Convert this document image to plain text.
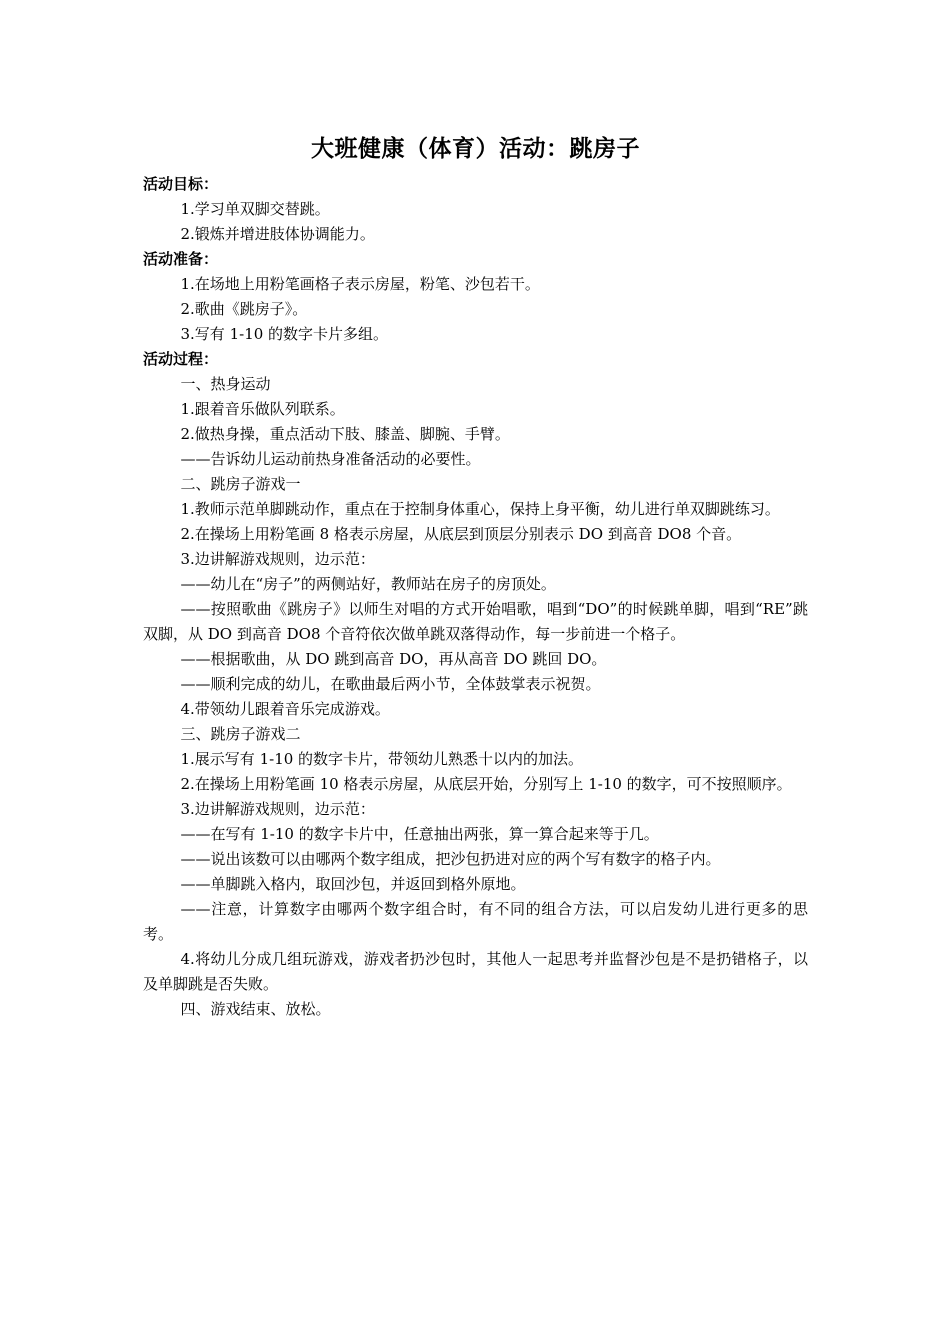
大班健康（体育）活动：跳房子

活动目标：

1.学习单双脚交替跳。

2.锻炼并增进肢体协调能力。

活动准备：

1.在场地上用粉笔画格子表示房屋，粉笔、沙包若干。

2.歌曲《跳房子》。

3.写有 1-10 的数字卡片多组。

活动过程：

一、热身运动

1.跟着音乐做队列联系。

2.做热身操，重点活动下肢、膝盖、脚腕、手臂。

——告诉幼儿运动前热身准备活动的必要性。

二、跳房子游戏一

1.教师示范单脚跳动作，重点在于控制身体重心，保持上身平衡，幼儿进行单双脚跳练习。

2.在操场上用粉笔画 8 格表示房屋，从底层到顶层分别表示 DO 到高音 DO8 个音。

3.边讲解游戏规则，边示范：

——幼儿在“房子”的两侧站好，教师站在房子的房顶处。

——按照歌曲《跳房子》以师生对唱的方式开始唱歌，唱到“DO”的时候跳单脚，唱到“RE”跳双脚，从 DO 到高音 DO8 个音符依次做单跳双落得动作，每一步前进一个格子。

——根据歌曲，从 DO 跳到高音 DO，再从高音 DO 跳回 DO。

——顺利完成的幼儿，在歌曲最后两小节，全体鼓掌表示祝贺。

4.带领幼儿跟着音乐完成游戏。

三、跳房子游戏二

1.展示写有 1-10 的数字卡片，带领幼儿熟悉十以内的加法。

2.在操场上用粉笔画 10 格表示房屋，从底层开始，分别写上 1-10 的数字，可不按照顺序。

3.边讲解游戏规则，边示范：

——在写有 1-10 的数字卡片中，任意抽出两张，算一算合起来等于几。

——说出该数可以由哪两个数字组成，把沙包扔进对应的两个写有数字的格子内。

——单脚跳入格内，取回沙包，并返回到格外原地。

——注意，计算数字由哪两个数字组合时，有不同的组合方法，可以启发幼儿进行更多的思考。

4.将幼儿分成几组玩游戏，游戏者扔沙包时，其他人一起思考并监督沙包是不是扔错格子，以及单脚跳是否失败。

四、游戏结束、放松。
